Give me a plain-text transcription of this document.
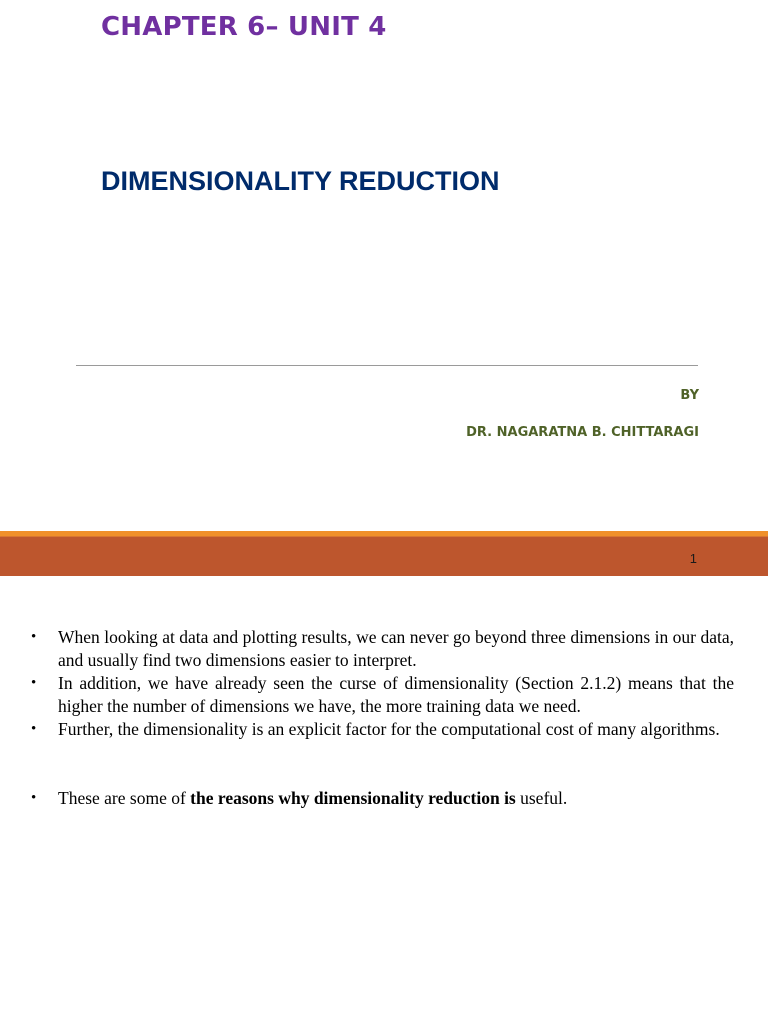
CHAPTER 6– UNIT 4
DIMENSIONALITY REDUCTION
BY
DR. NAGARATNA B. CHITTARAGI
1
• When looking at data and plotting results, we can never go beyond three dimensions in our data, and usually find two dimensions easier to interpret.
• In addition, we have already seen the curse of dimensionality (Section 2.1.2) means that the higher the number of dimensions we have, the more training data we need.
• Further, the dimensionality is an explicit factor for the computational cost of many algorithms.
• These are some of the reasons why dimensionality reduction is useful.
